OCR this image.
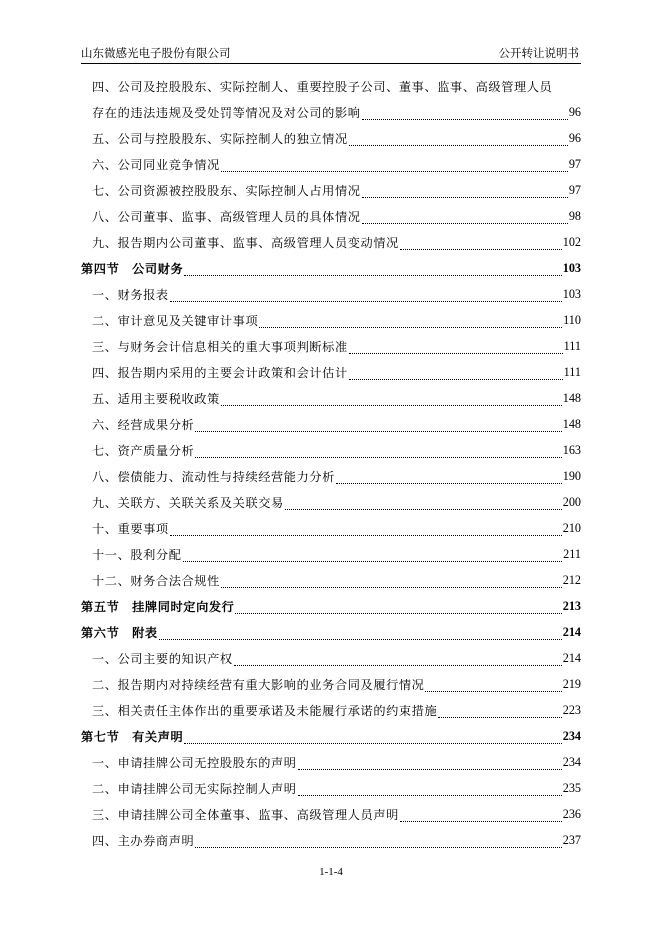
山东微感光电子股份有限公司	公开转让说明书
四、公司及控股股东、实际控制人、重要控股子公司、董事、监事、高级管理人员
存在的违法违规及受处罚等情况及对公司的影响	96
五、公司与控股股东、实际控制人的独立情况	96
六、公司同业竞争情况	97
七、公司资源被控股股东、实际控制人占用情况	97
八、公司董事、监事、高级管理人员的具体情况	98
九、报告期内公司董事、监事、高级管理人员变动情况	102
第四节　公司财务	103
一、财务报表	103
二、审计意见及关键审计事项	110
三、与财务会计信息相关的重大事项判断标准	111
四、报告期内采用的主要会计政策和会计估计	111
五、适用主要税收政策	148
六、经营成果分析	148
七、资产质量分析	163
八、偿债能力、流动性与持续经营能力分析	190
九、关联方、关联关系及关联交易	200
十、重要事项	210
十一、股利分配	211
十二、财务合法合规性	212
第五节　挂牌同时定向发行	213
第六节　附表	214
一、公司主要的知识产权	214
二、报告期内对持续经营有重大影响的业务合同及履行情况	219
三、相关责任主体作出的重要承诺及未能履行承诺的约束措施	223
第七节　有关声明	234
一、申请挂牌公司无控股股东的声明	234
二、申请挂牌公司无实际控制人声明	235
三、申请挂牌公司全体董事、监事、高级管理人员声明	236
四、主办券商声明	237
1-1-4
